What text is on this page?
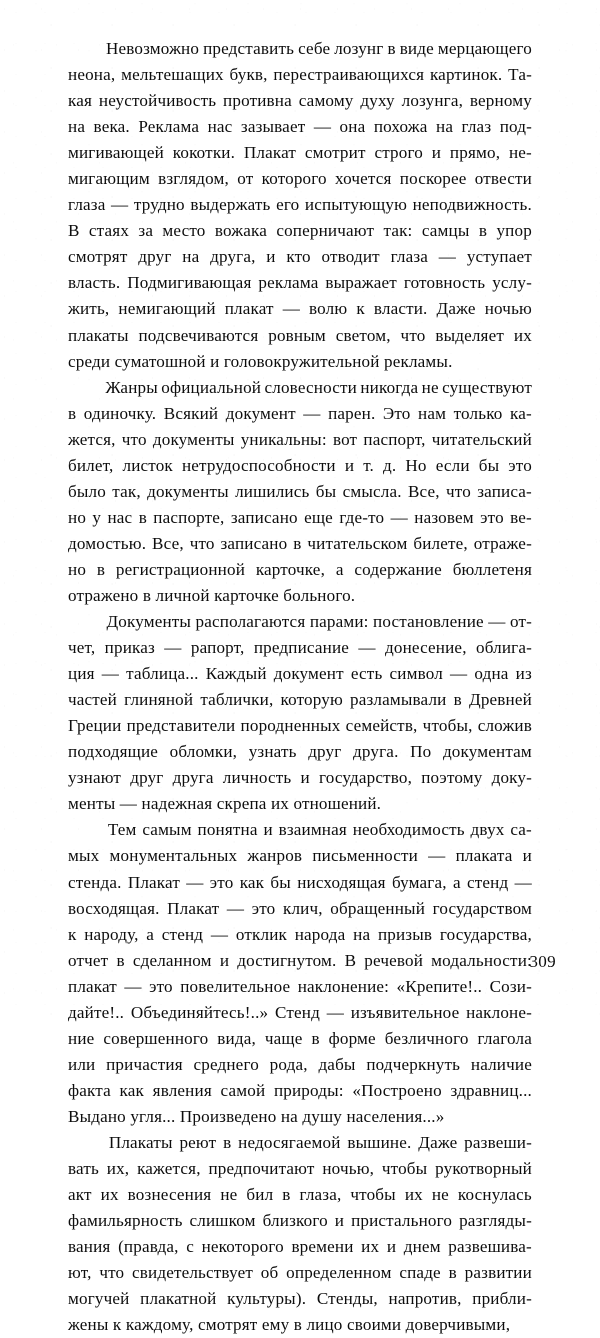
Невозможно представить себе лозунг в виде мерцающего
неона, мельтешащих букв, перестраивающихся картинок. Та-
кая неустойчивость противна самому духу лозунга, верному
на века. Реклама нас зазывает — она похожа на глаз под-
мигивающей кокотки. Плакат смотрит строго и прямо, не-
мигающим взглядом, от которого хочется поскорее отвести
глаза — трудно выдержать его испытующую неподвижность.
В стаях за место вожака соперничают так: самцы в упор
смотрят друг на друга, и кто отводит глаза — уступает
власть. Подмигивающая реклама выражает готовность услу-
жить, немигающий плакат — волю к власти. Даже ночью
плакаты подсвечиваются ровным светом, что выделяет их
среди суматошной и головокружительной рекламы.
Жанры официальной словесности никогда не существуют
в одиночку. Всякий документ — парен. Это нам только ка-
жется, что документы уникальны: вот паспорт, читательский
билет, листок нетрудоспособности и т. д. Но если бы это
было так, документы лишились бы смысла. Все, что записа-
но у нас в паспорте, записано еще где-то — назовем это ве-
домостью. Все, что записано в читательском билете, отраже-
но в регистрационной карточке, а содержание бюллетеня
отражено в личной карточке больного.
Документы располагаются парами: постановление — от-
чет, приказ — рапорт, предписание — донесение, облига-
ция — таблица... Каждый документ есть символ — одна из
частей глиняной таблички, которую разламывали в Древней
Греции представители породненных семейств, чтобы, сложив
подходящие обломки, узнать друг друга. По документам
узнают друг друга личность и государство, поэтому доку-
менты — надежная скрепа их отношений.
Тем самым понятна и взаимная необходимость двух са-
мых монументальных жанров письменности — плаката и
стенда. Плакат — это как бы нисходящая бумага, а стенд —
восходящая. Плакат — это клич, обращенный государством
к народу, а стенд — отклик народа на призыв государства,
отчет в сделанном и достигнутом. В речевой модальности:
плакат — это повелительное наклонение: «Крепите!.. Сози-
дайте!.. Объединяйтесь!..» Стенд — изъявительное наклоне-
ние совершенного вида, чаще в форме безличного глагола
или причастия среднего рода, дабы подчеркнуть наличие
факта как явления самой природы: «Построено здравниц...
Выдано угля... Произведено на душу населения...»
Плакаты реют в недосягаемой вышине. Даже развеши-
вать их, кажется, предпочитают ночью, чтобы рукотворный
акт их вознесения не бил в глаза, чтобы их не коснулась
фамильярность слишком близкого и пристального разгляды-
вания (правда, с некоторого времени их и днем развешива-
ют, что свидетельствует об определенном спаде в развитии
могучей плакатной культуры). Стенды, напротив, прибли-
жены к каждому, смотрят ему в лицо своими доверчивыми,
309
